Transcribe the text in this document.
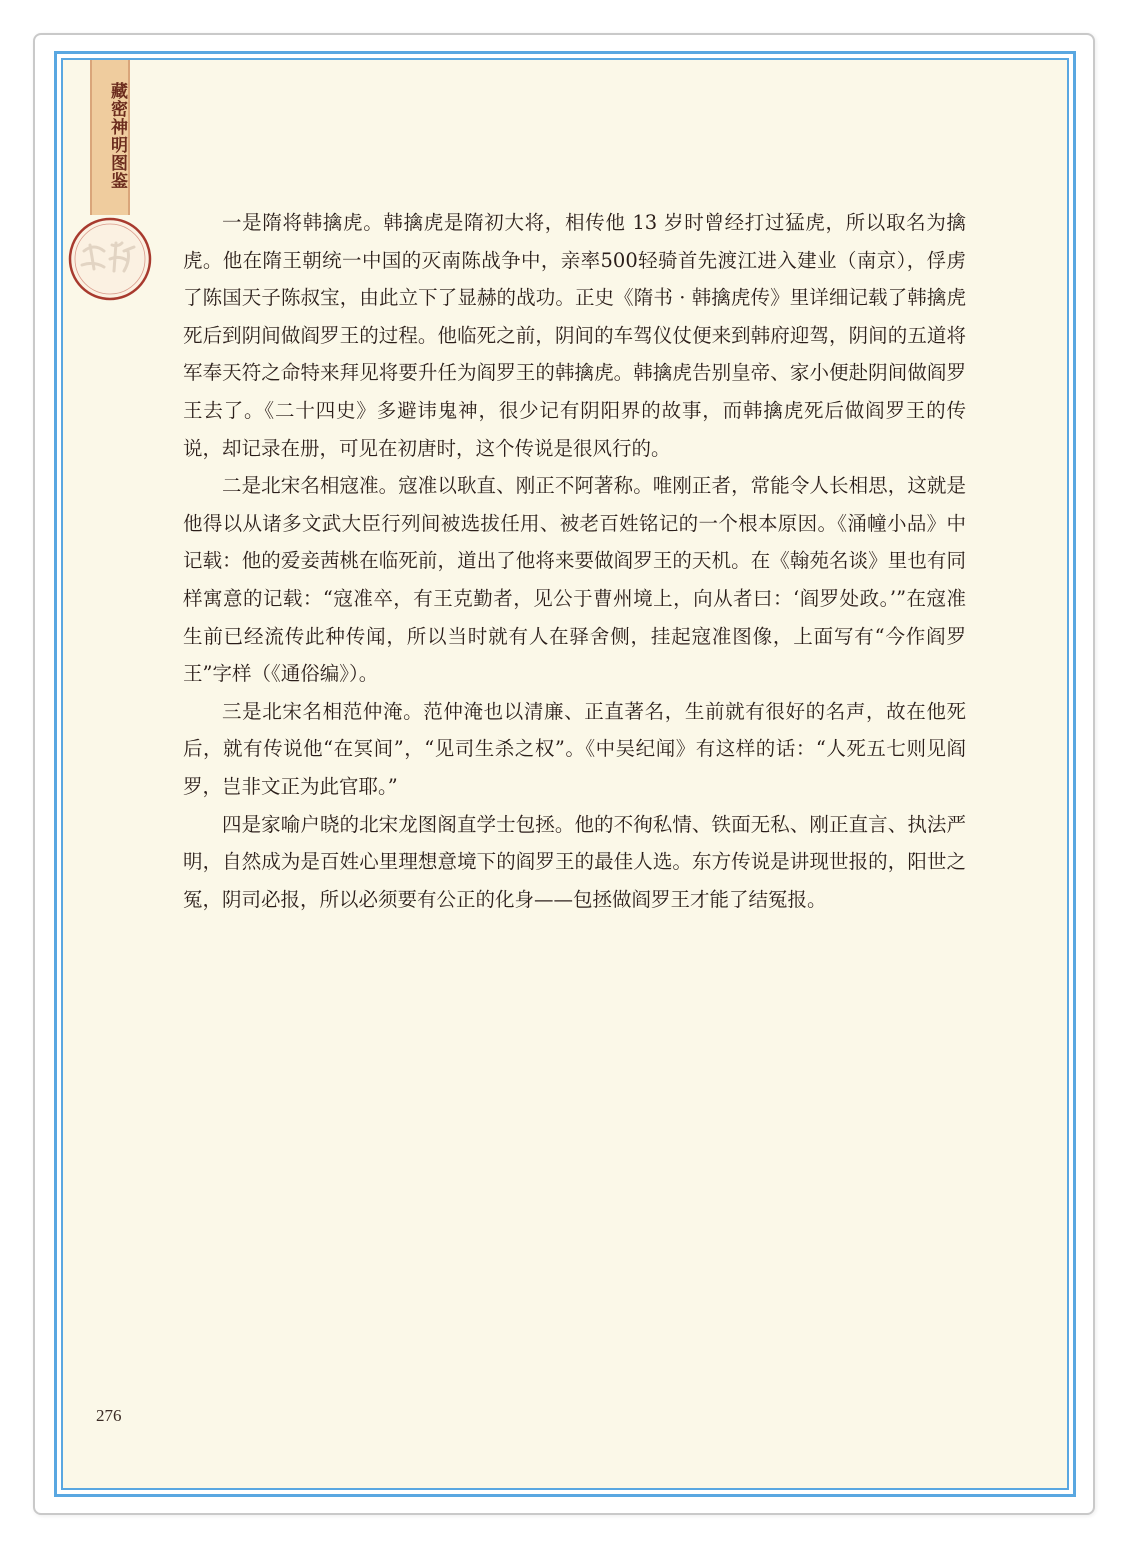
藏密神明图鉴

一是隋将韩擒虎。韩擒虎是隋初大将，相传他 13 岁时曾经打过猛虎，所以取名为擒虎。他在隋王朝统一中国的灭南陈战争中，亲率500轻骑首先渡江进入建业（南京），俘虏了陈国天子陈叔宝，由此立下了显赫的战功。正史《隋书 · 韩擒虎传》里详细记载了韩擒虎死后到阴间做阎罗王的过程。他临死之前，阴间的车驾仪仗便来到韩府迎驾，阴间的五道将军奉天符之命特来拜见将要升任为阎罗王的韩擒虎。韩擒虎告别皇帝、家小便赴阴间做阎罗王去了。《二十四史》多避讳鬼神，很少记有阴阳界的故事，而韩擒虎死后做阎罗王的传说，却记录在册，可见在初唐时，这个传说是很风行的。

二是北宋名相寇准。寇准以耿直、刚正不阿著称。唯刚正者，常能令人长相思，这就是他得以从诸多文武大臣行列间被选拔任用、被老百姓铭记的一个根本原因。《涌幢小品》中记载：他的爱妾茜桃在临死前，道出了他将来要做阎罗王的天机。在《翰苑名谈》里也有同样寓意的记载：“寇准卒，有王克勤者，见公于曹州境上，向从者曰：‘阎罗处政。’”在寇准生前已经流传此种传闻，所以当时就有人在驿舍侧，挂起寇准图像，上面写有“今作阎罗王”字样（《通俗编》）。

三是北宋名相范仲淹。范仲淹也以清廉、正直著名，生前就有很好的名声，故在他死后，就有传说他“在冥间”，“见司生杀之权”。《中吴纪闻》有这样的话：“人死五七则见阎罗，岂非文正为此官耶。”

四是家喻户晓的北宋龙图阁直学士包拯。他的不徇私情、铁面无私、刚正直言、执法严明，自然成为是百姓心里理想意境下的阎罗王的最佳人选。东方传说是讲现世报的，阳世之冤，阴司必报，所以必须要有公正的化身——包拯做阎罗王才能了结冤报。

276
